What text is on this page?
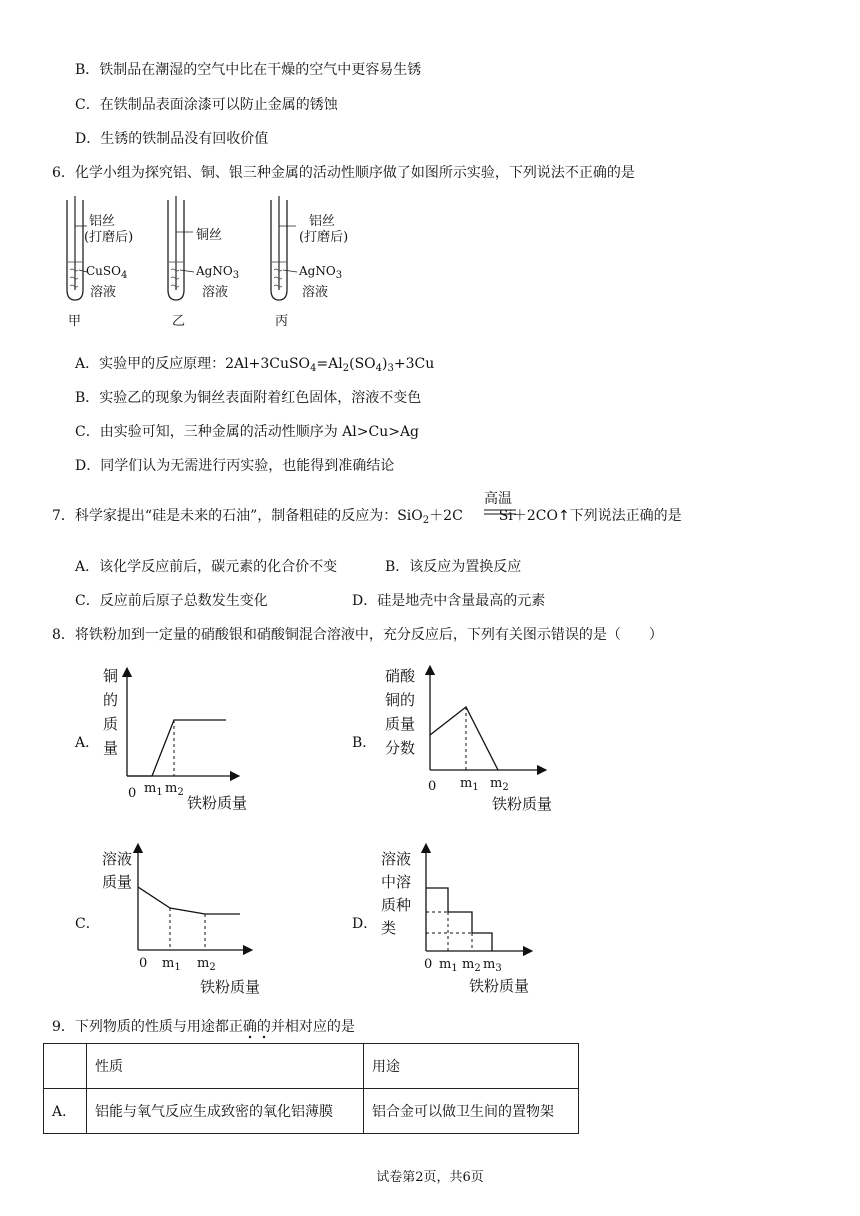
B．铁制品在潮湿的空气中比在干燥的空气中更容易生锈
C．在铁制品表面涂漆可以防止金属的锈蚀
D．生锈的铁制品没有回收价值
6．化学小组为探究铝、铜、银三种金属的活动性顺序做了如图所示实验，下列说法不正确的是
铝丝
(打磨后)
CuSO$_4$
溶液
甲
铜丝
AgNO$_3$
溶液
乙
铝丝
(打磨后)
AgNO$_3$
溶液
丙
A．实验甲的反应原理：$2Al+3CuSO_4=Al_2(SO_4)_3+3Cu$
B．实验乙的现象为铜丝表面附着红色固体，溶液不变色
C．由实验可知，三种金属的活动性顺序为 Al>Cu>Ag
D．同学们认为无需进行丙实验，也能得到准确结论
7．科学家提出“硅是未来的石油”，制备粗硅的反应为：SiO$_2$＋2C	Si＋2CO↑下列说法正确的是
高温
A．该化学反应前后，碳元素的化合价不变	B．该反应为置换反应
C．反应前后原子总数发生变化	D．硅是地壳中含量最高的元素
8．将铁粉加到一定量的硝酸银和硝酸铜混合溶液中，充分反应后，下列有关图示错误的是（　　）
A．
铜
的
质
量
0 $m_1$ $m_2$
铁粉质量
B．
硝酸
铜的
质量
分数
0 $m_1$ $m_2$
铁粉质量
C．
溶液
质量
0 $m_1$ $m_2$
铁粉质量
D．
溶液
中溶
质种
类
0 $m_1$ $m_2$ $m_3$
铁粉质量
9．下列物质的性质与用途都正确的并相对应的是
	性质	用途
A．	铝能与氧气反应生成致密的氧化铝薄膜	铝合金可以做卫生间的置物架
试卷第2页，共6页
